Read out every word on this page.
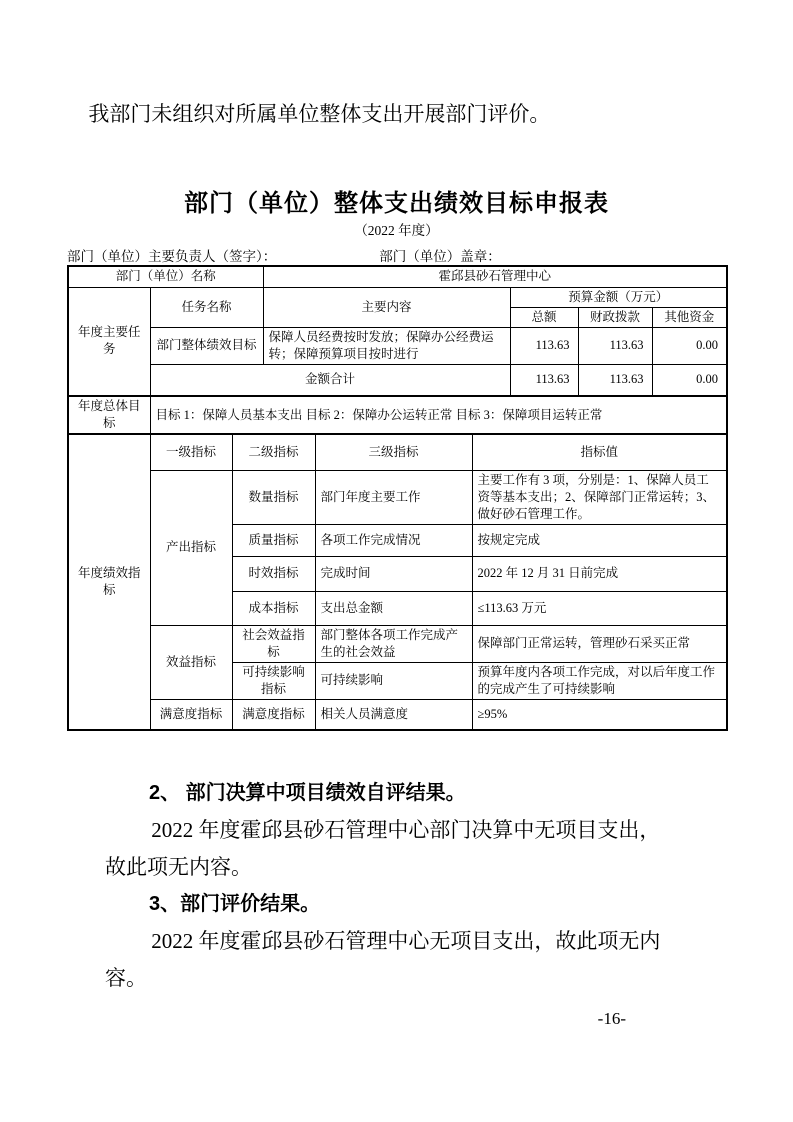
我部门未组织对所属单位整体支出开展部门评价。

部门（单位）整体支出绩效目标申报表
（2022 年度）
部门（单位）主要负责人（签字）：	部门（单位）盖章：
部门（单位）名称		霍邱县砂石管理中心			
年度主要任务	任务名称	主要内容	预算金额（万元）		
			总额	财政拨款	其他资金
	部门整体绩效目标	保障人员经费按时发放；保障办公经费运转；保障预算项目按时进行	113.63	113.63	0.00
	金额合计		113.63	113.63	0.00
年度总体目标	目标 1：保障人员基本支出 目标 2：保障办公运转正常 目标 3：保障项目运转正常
年度绩效指标	一级指标	二级指标	三级指标	指标值
	产出指标	数量指标	部门年度主要工作	主要工作有 3 项，分别是：1、保障人员工资等基本支出；2、保障部门正常运转；3、做好砂石管理工作。
		质量指标	各项工作完成情况	按规定完成
		时效指标	完成时间	2022 年 12 月 31 日前完成
		成本指标	支出总金额	≤113.63 万元
	效益指标	社会效益指标	部门整体各项工作完成产生的社会效益	保障部门正常运转，管理砂石采买正常
		可持续影响指标	可持续影响	预算年度内各项工作完成，对以后年度工作的完成产生了可持续影响
	满意度指标	满意度指标	相关人员满意度	≥95%
2、 部门决算中项目绩效自评结果。
2022 年度霍邱县砂石管理中心部门决算中无项目支出，
故此项无内容。
3、部门评价结果。
2022 年度霍邱县砂石管理中心无项目支出，故此项无内
容。
-16-
